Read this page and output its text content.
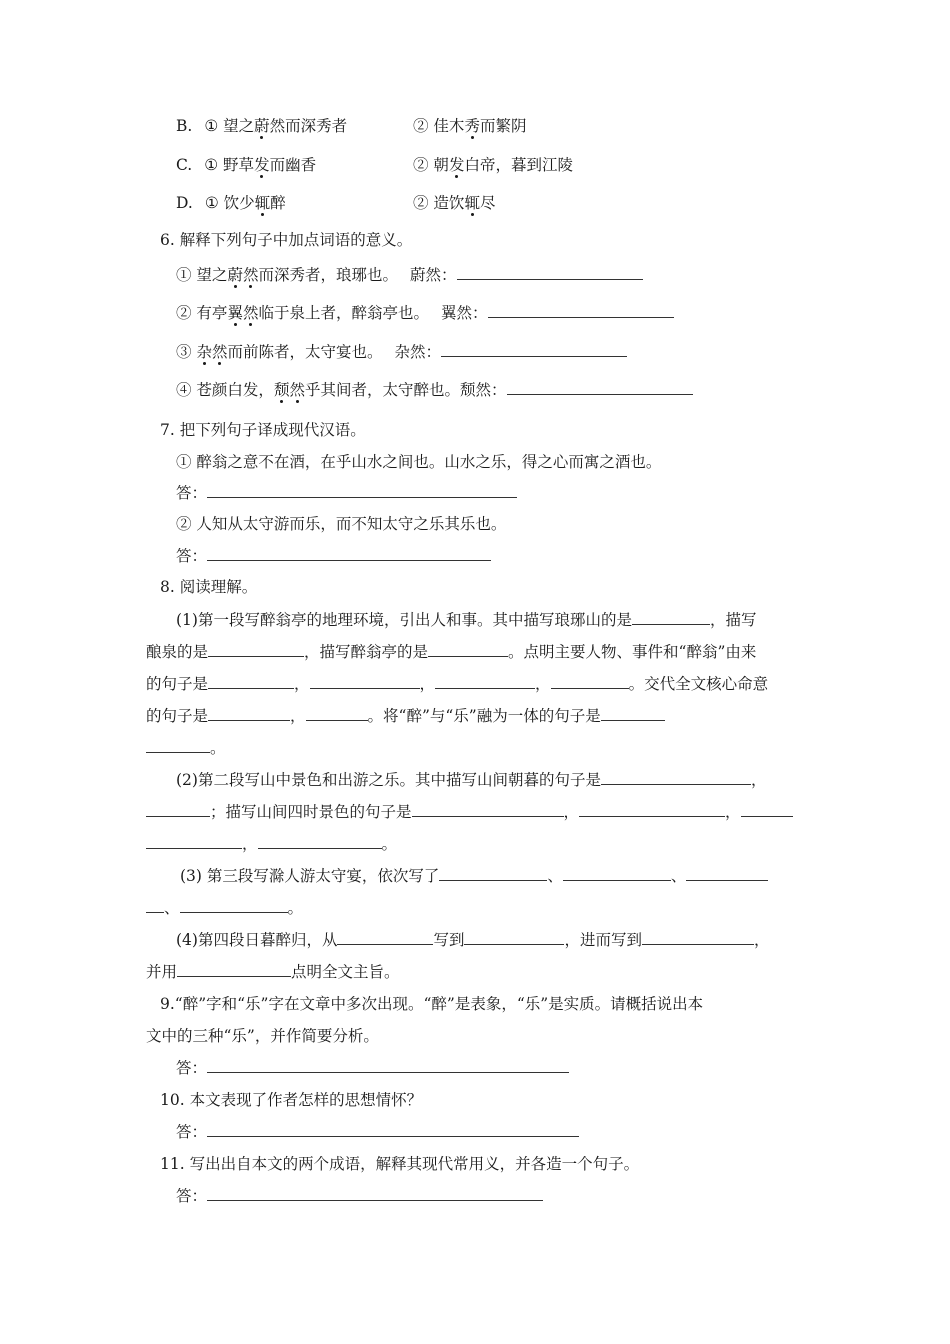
B. ① 望之蔚然而深秀者	② 佳木秀而繁阴
C. ① 野草发而幽香	② 朝发白帝，暮到江陵
D. ① 饮少辄醉	② 造饮辄尽
6. 解释下列句子中加点词语的意义。
① 望之蔚然而深秀者，琅琊也。 蔚然：
② 有亭翼然临于泉上者，醉翁亭也。 翼然：
③ 杂然而前陈者，太守宴也。 杂然：
④ 苍颜白发，颓然乎其间者，太守醉也。颓然：
7. 把下列句子译成现代汉语。
① 醉翁之意不在酒，在乎山水之间也。山水之乐，得之心而寓之酒也。
答：
② 人知从太守游而乐，而不知太守之乐其乐也。
答：
8. 阅读理解。
(1)第一段写醉翁亭的地理环境，引出人和事。其中描写琅琊山的是	，描写
酿泉的是	，描写醉翁亭的是	。点明主要人物、事件和“醉翁”由来
的句子是	，	，	，	。交代全文核心命意
的句子是	，	。将“醉”与“乐”融为一体的句子是
。
(2)第二段写山中景色和出游之乐。其中描写山间朝暮的句子是	，
；描写山间四时景色的句子是	，	，
，	。
(3) 第三段写滁人游太守宴，依次写了	、	、
、	。
(4)第四段日暮醉归，从	写到	，进而写到	，
并用	点明全文主旨。
9.“醉”字和“乐”字在文章中多次出现。“醉”是表象，“乐”是实质。请概括说出本
文中的三种“乐”，并作简要分析。
答：
10. 本文表现了作者怎样的思想情怀？
答：
11. 写出出自本文的两个成语，解释其现代常用义，并各造一个句子。
答：
